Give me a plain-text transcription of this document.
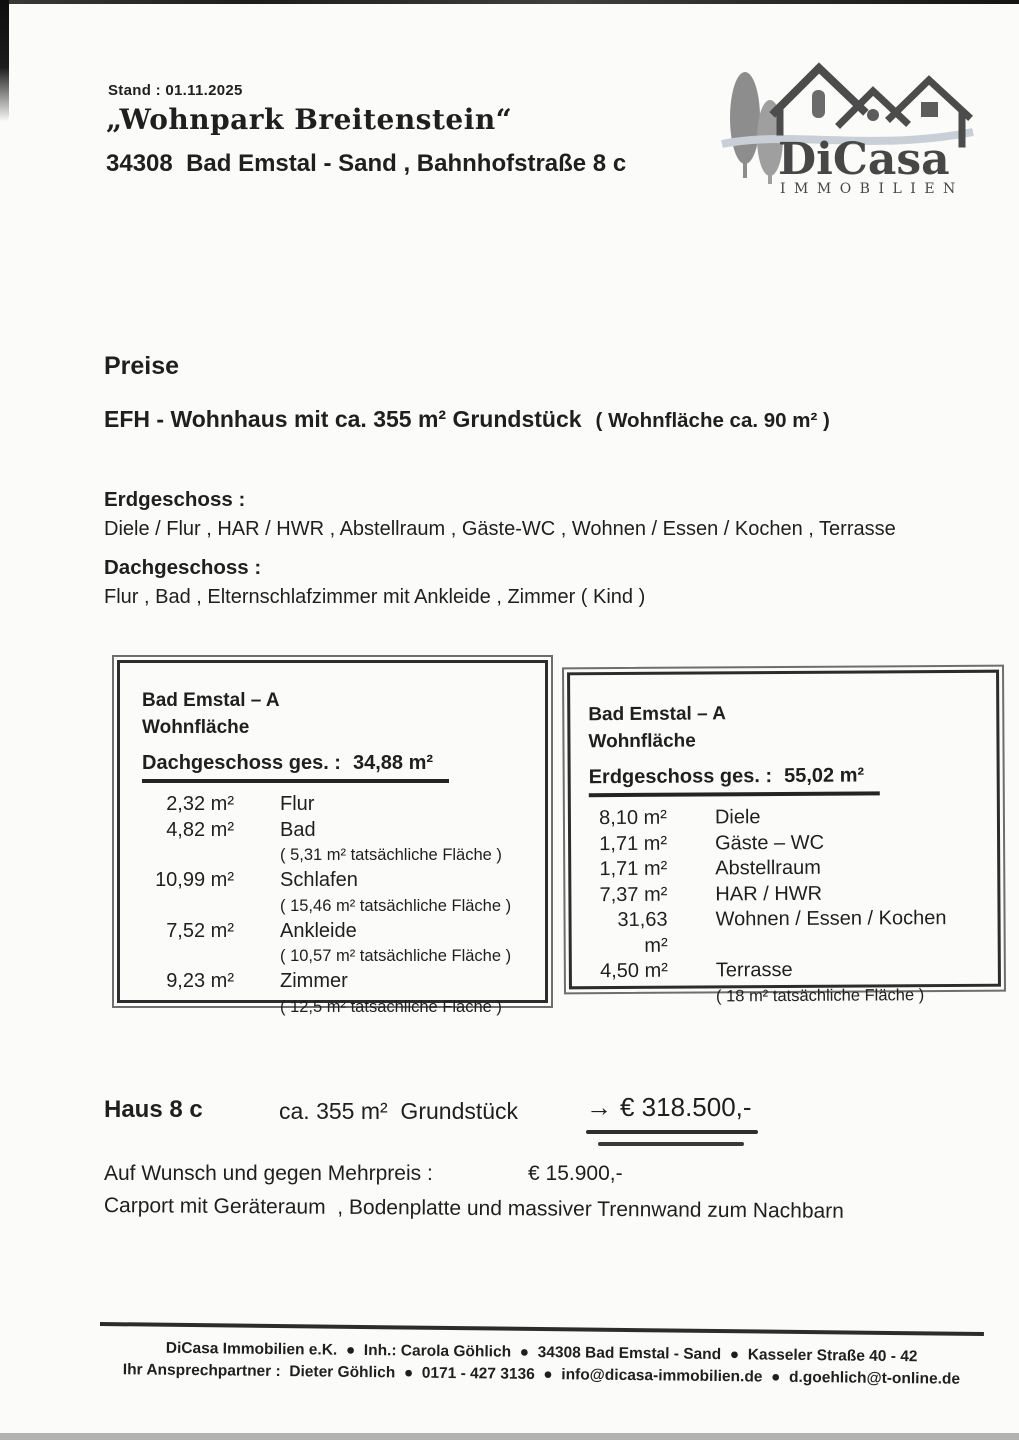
Stand : 01.11.2025
„Wohnpark Breitenstein“
34308  Bad Emstal - Sand , Bahnhofstraße 8 c	DiCasa
IMMOBILIEN
Preise
EFH - Wohnhaus mit ca. 355 m² Grundstück ( Wohnfläche ca. 90 m² )
Erdgeschoss :
Diele / Flur , HAR / HWR , Abstellraum , Gäste-WC , Wohnen / Essen / Kochen , Terrasse
Dachgeschoss :
Flur , Bad , Elternschlafzimmer mit Ankleide , Zimmer ( Kind )
Bad Emstal – A
Wohnfläche
Dachgeschoss ges. : 34,88 m²
2,32 m² Flur
4,82 m² Bad
( 5,31 m² tatsächliche Fläche )
10,99 m² Schlafen
( 15,46 m² tatsächliche Fläche )
7,52 m² Ankleide
( 10,57 m² tatsächliche Fläche )
9,23 m² Zimmer
( 12,5 m² tatsächliche Fläche )
Bad Emstal – A
Wohnfläche
Erdgeschoss ges. : 55,02 m²
8,10 m² Diele
1,71 m² Gäste – WC
1,71 m² Abstellraum
7,37 m² HAR / HWR
31,63 m²
Wohnen / Essen / Kochen
4,50 m² Terrasse
( 18 m² tatsächliche Fläche )
Haus 8 c	ca. 355 m²  Grundstück	→ € 318.500,-
Auf Wunsch und gegen Mehrpreis :	€ 15.900,-
Carport mit Geräteraum  , Bodenplatte und massiver Trennwand zum Nachbarn
DiCasa Immobilien e.K.  ●  Inh.: Carola Göhlich  ●  34308 Bad Emstal - Sand  ●  Kasseler Straße 40 - 42
Ihr Ansprechpartner :  Dieter Göhlich  ●  0171 - 427 3136  ●  info@dicasa-immobilien.de  ●  d.goehlich@t-online.de
